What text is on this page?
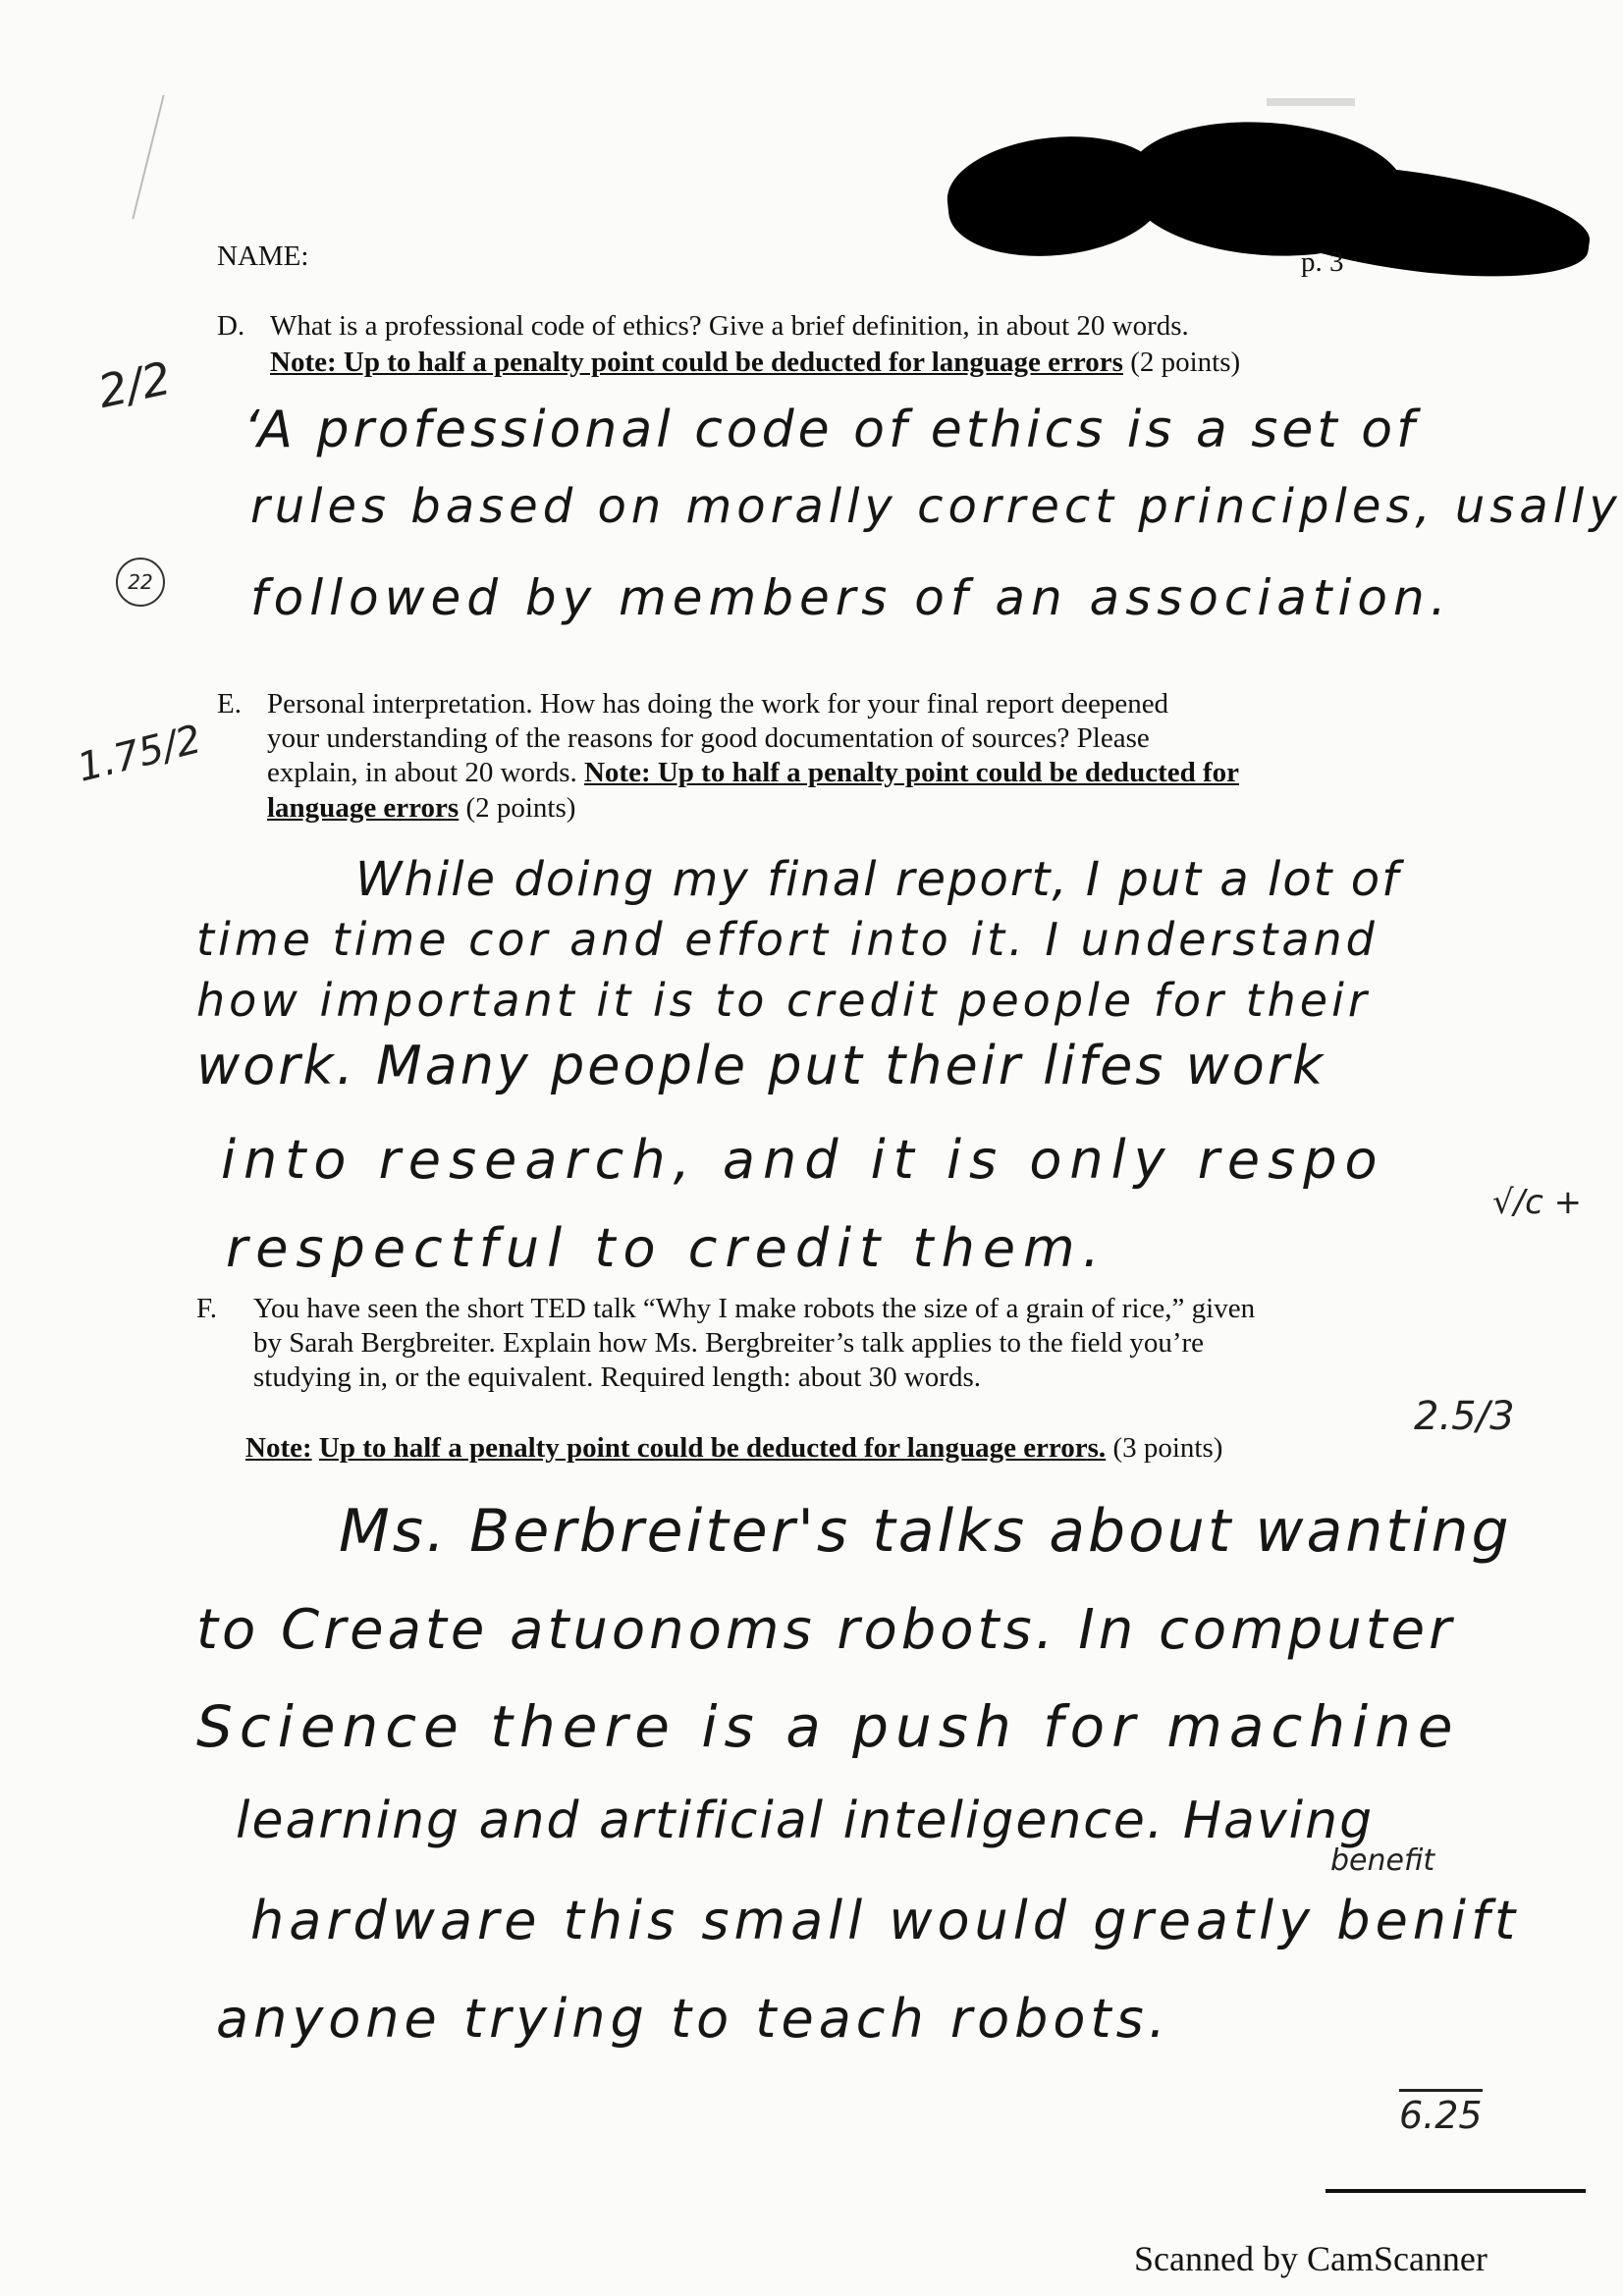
NAME:	p. 3
D. What is a professional code of ethics? Give a brief definition, in about 20 words.
Note: Up to half a penalty point could be deducted for language errors (2 points)
2/2
22
‘A professional code of ethics is a set of
rules based on morally correct principles, usally
followed by members of an association.
E. Personal interpretation. How has doing the work for your final report deepened
your understanding of the reasons for good documentation of sources? Please
explain, in about 20 words. Note: Up to half a penalty point could be deducted for
language errors (2 points)
1.75/2
While doing my final report, I put a lot of
time time cor and effort into it. I understand
how important it is to credit people for their
work. Many people put their lifes work
into research, and it is only respo
respectful to credit them.
√/c +
F. You have seen the short TED talk “Why I make robots the size of a grain of rice,” given
by Sarah Bergbreiter. Explain how Ms. Bergbreiter’s talk applies to the field you’re
studying in, or the equivalent. Required length: about 30 words.
Note: Up to half a penalty point could be deducted for language errors. (3 points)
2.5/3
Ms. Berbreiter's talks about wanting
to Create atuonoms robots. In computer
Science there is a push for machine
learning and artificial inteligence. Having
benefit
hardware this small would greatly benift
anyone trying to teach robots.
6.25
Scanned by CamScanner
